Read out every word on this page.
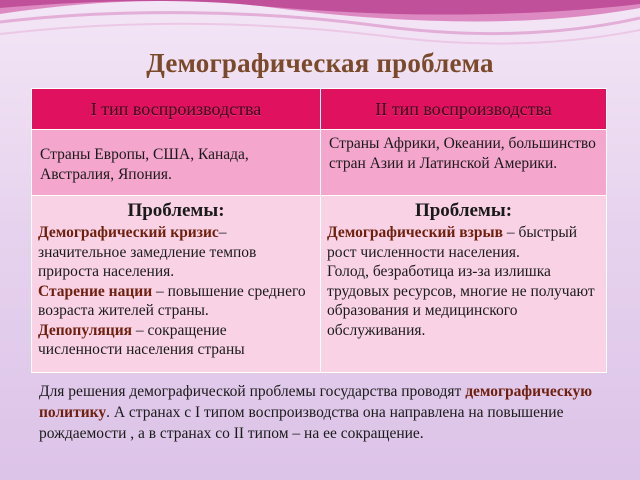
Демографическая проблема
I тип воспроизводства	II тип воспроизводства
Страны Европы, США, Канада, Австралия, Япония.
Страны Африки, Океании, большинство стран Азии и Латинской Америки.
Проблемы:
Демографический кризис– значительное замедление темпов прироста населения.
Старение нации – повышение среднего возраста жителей страны.
Депопуляция – сокращение численности населения страны
Проблемы:
Демографический взрыв – быстрый рост численности населения.
Голод, безработица из-за излишка трудовых ресурсов, многие не получают образования и медицинского обслуживания.
Для решения демографической проблемы государства проводят демографическую политику. А странах с I типом воспроизводства она направлена на повышение рождаемости , а в странах со II типом – на ее сокращение.
